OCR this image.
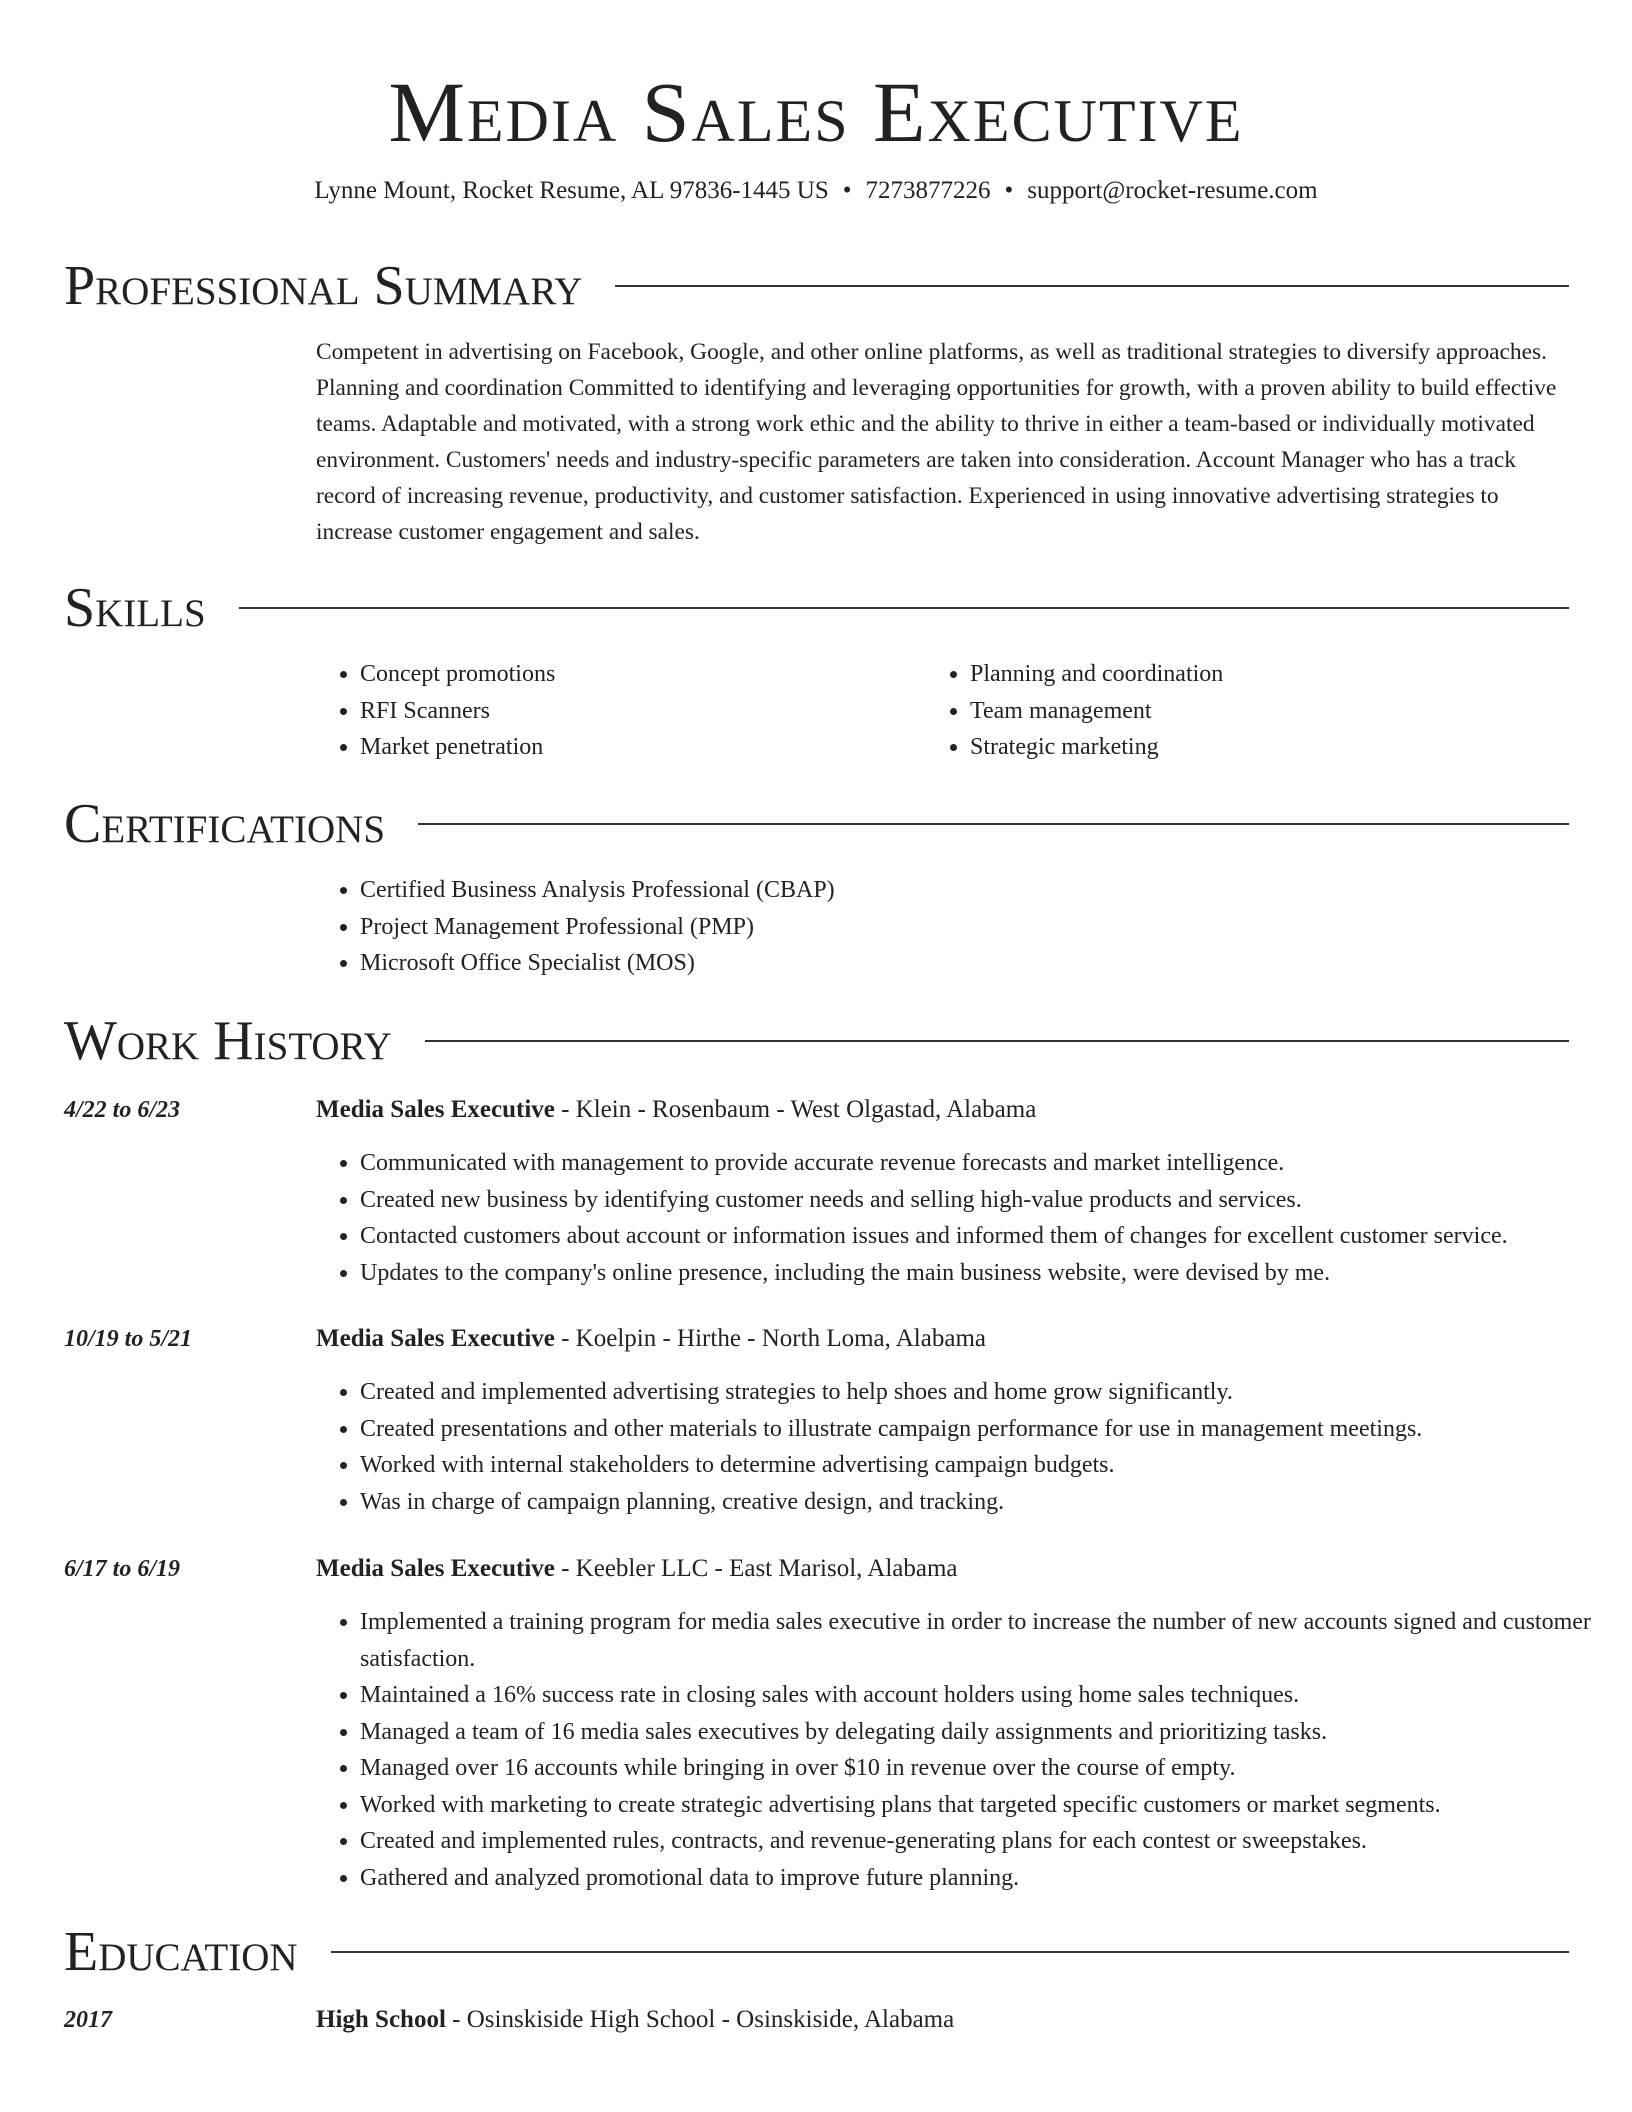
Media Sales Executive
Lynne Mount, Rocket Resume, AL 97836-1445 US • 7273877226 • support@rocket-resume.com
Professional Summary
Competent in advertising on Facebook, Google, and other online platforms, as well as traditional strategies to diversify approaches. Planning and coordination Committed to identifying and leveraging opportunities for growth, with a proven ability to build effective teams. Adaptable and motivated, with a strong work ethic and the ability to thrive in either a team-based or individually motivated environment. Customers' needs and industry-specific parameters are taken into consideration. Account Manager who has a track record of increasing revenue, productivity, and customer satisfaction. Experienced in using innovative advertising strategies to increase customer engagement and sales.
Skills
• Concept promotions
• RFI Scanners
• Market penetration
• Planning and coordination
• Team management
• Strategic marketing
Certifications
• Certified Business Analysis Professional (CBAP)
• Project Management Professional (PMP)
• Microsoft Office Specialist (MOS)
Work History
4/22 to 6/23	Media Sales Executive - Klein - Rosenbaum - West Olgastad, Alabama
• Communicated with management to provide accurate revenue forecasts and market intelligence.
• Created new business by identifying customer needs and selling high-value products and services.
• Contacted customers about account or information issues and informed them of changes for excellent customer service.
• Updates to the company's online presence, including the main business website, were devised by me.
10/19 to 5/21	Media Sales Executive - Koelpin - Hirthe - North Loma, Alabama
• Created and implemented advertising strategies to help shoes and home grow significantly.
• Created presentations and other materials to illustrate campaign performance for use in management meetings.
• Worked with internal stakeholders to determine advertising campaign budgets.
• Was in charge of campaign planning, creative design, and tracking.
6/17 to 6/19	Media Sales Executive - Keebler LLC - East Marisol, Alabama
• Implemented a training program for media sales executive in order to increase the number of new accounts signed and customer satisfaction.
• Maintained a 16% success rate in closing sales with account holders using home sales techniques.
• Managed a team of 16 media sales executives by delegating daily assignments and prioritizing tasks.
• Managed over 16 accounts while bringing in over $10 in revenue over the course of empty.
• Worked with marketing to create strategic advertising plans that targeted specific customers or market segments.
• Created and implemented rules, contracts, and revenue-generating plans for each contest or sweepstakes.
• Gathered and analyzed promotional data to improve future planning.
Education
2017	High School - Osinskiside High School - Osinskiside, Alabama
